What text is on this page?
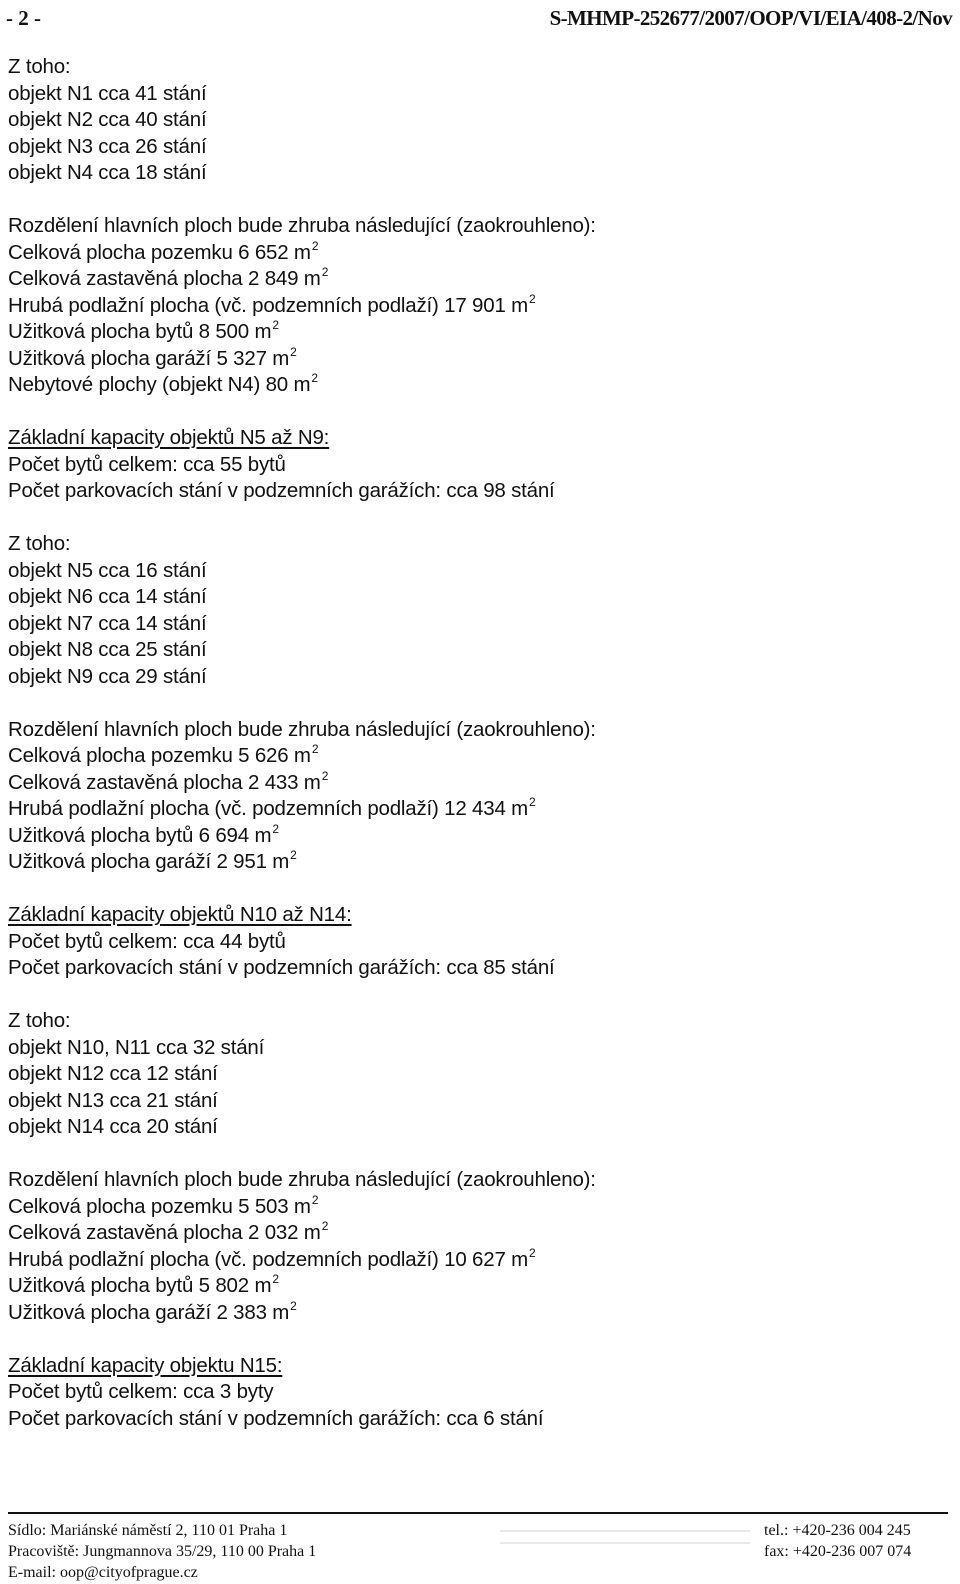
- 2 -	S-MHMP-252677/2007/OOP/VI/EIA/408-2/Nov
Z toho:
objekt N1 cca 41 stání
objekt N2 cca 40 stání
objekt N3 cca 26 stání
objekt N4 cca 18 stání
Rozdělení hlavních ploch bude zhruba následující (zaokrouhleno):
Celková plocha pozemku 6 652 $m^2$
Celková zastavěná plocha 2 849 $m^2$
Hrubá podlažní plocha (vč. podzemních podlaží) 17 901 $m^2$
Užitková plocha bytů 8 500 $m^2$
Užitková plocha garáží 5 327 $m^2$
Nebytové plochy (objekt N4) 80 $m^2$
Základní kapacity objektů N5 až N9:
Počet bytů celkem: cca 55 bytů
Počet parkovacích stání v podzemních garážích: cca 98 stání
Z toho:
objekt N5 cca 16 stání
objekt N6 cca 14 stání
objekt N7 cca 14 stání
objekt N8 cca 25 stání
objekt N9 cca 29 stání
Rozdělení hlavních ploch bude zhruba následující (zaokrouhleno):
Celková plocha pozemku 5 626 $m^2$
Celková zastavěná plocha 2 433 $m^2$
Hrubá podlažní plocha (vč. podzemních podlaží) 12 434 $m^2$
Užitková plocha bytů 6 694 $m^2$
Užitková plocha garáží 2 951 $m^2$
Základní kapacity objektů N10 až N14:
Počet bytů celkem: cca 44 bytů
Počet parkovacích stání v podzemních garážích: cca 85 stání
Z toho:
objekt N10, N11 cca 32 stání
objekt N12 cca 12 stání
objekt N13 cca 21 stání
objekt N14 cca 20 stání
Rozdělení hlavních ploch bude zhruba následující (zaokrouhleno):
Celková plocha pozemku 5 503 $m^2$
Celková zastavěná plocha 2 032 $m^2$
Hrubá podlažní plocha (vč. podzemních podlaží) 10 627 $m^2$
Užitková plocha bytů 5 802 $m^2$
Užitková plocha garáží 2 383 $m^2$
Základní kapacity objektu N15:
Počet bytů celkem: cca 3 byty
Počet parkovacích stání v podzemních garážích: cca 6 stání
Sídlo: Mariánské náměstí 2, 110 01 Praha 1
Pracoviště: Jungmannova 35/29, 110 00 Praha 1
E-mail: oop@cityofprague.cz
tel.: +420-236 004 245
fax: +420-236 007 074
